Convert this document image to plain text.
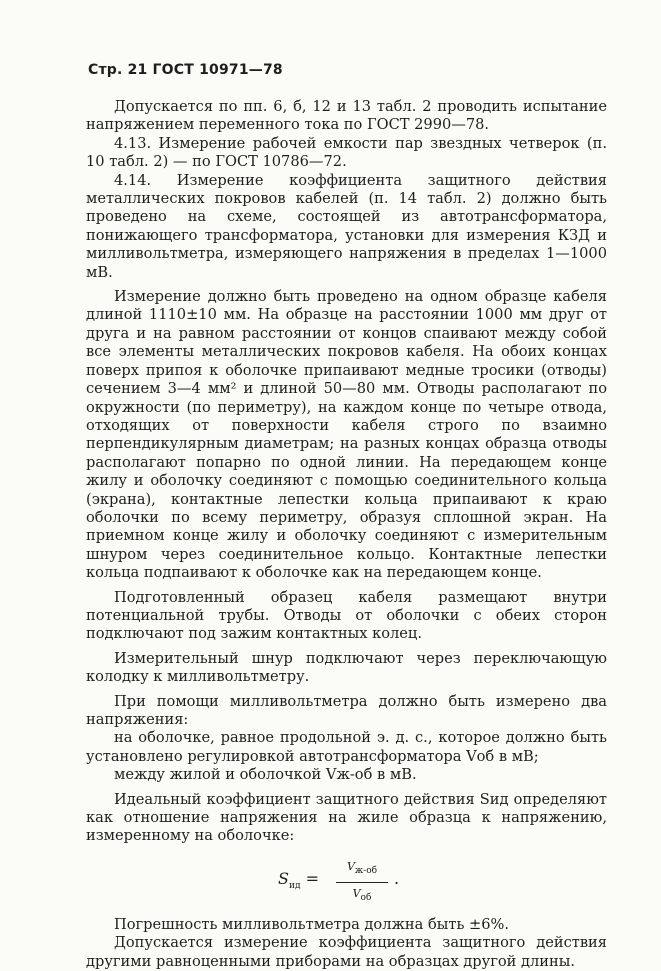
Стр. 21 ГОСТ 10971—78

Допускается по пп. 6, б, 12 и 13 табл. 2 проводить испытание напряжением переменного тока по ГОСТ 2990—78.

4.13. Измерение рабочей емкости пар звездных четверок (п. 10 табл. 2) — по ГОСТ 10786—72.

4.14. Измерение коэффициента защитного действия металлических покровов кабелей (п. 14 табл. 2) должно быть проведено на схеме, состоящей из автотрансформатора, понижающего трансформатора, установки для измерения КЗД и милливольтметра, измеряющего напряжения в пределах 1—1000 мВ.

Измерение должно быть проведено на одном образце кабеля длиной 1110±10 мм. На образце на расстоянии 1000 мм друг от друга и на равном расстоянии от концов спаивают между собой все элементы металлических покровов кабеля. На обоих концах поверх припоя к оболочке припаивают медные тросики (отводы) сечением 3—4 мм² и длиной 50—80 мм. Отводы располагают по окружности (по периметру), на каждом конце по четыре отвода, отходящих от поверхности кабеля строго по взаимно перпендикулярным диаметрам; на разных концах образца отводы располагают попарно по одной линии. На передающем конце жилу и оболочку соединяют с помощью соединительного кольца (экрана), контактные лепестки кольца припаивают к краю оболочки по всему периметру, образуя сплошной экран. На приемном конце жилу и оболочку соединяют с измерительным шнуром через соединительное кольцо. Контактные лепестки кольца подпаивают к оболочке как на передающем конце.

Подготовленный образец кабеля размещают внутри потенциальной трубы. Отводы от оболочки с обеих сторон подключают под зажим контактных колец.

Измерительный шнур подключают через переключающую колодку к милливольтметру.

При помощи милливольтметра должно быть измерено два напряжения:

на оболочке, равное продольной э. д. с., которое должно быть установлено регулировкой автотрансформатора Vоб в мВ;

между жилой и оболочкой Vж-об в мВ.

Идеальный коэффициент защитного действия Sид определяют как отношение напряжения на жиле образца к напряжению, измеренному на оболочке:

$S_{ид}$ =
$V_{ж-об}$
$V_{об}$
.

Погрешность милливольтметра должна быть ±6%.

Допускается измерение коэффициента защитного действия другими равноценными приборами на образцах другой длины.
